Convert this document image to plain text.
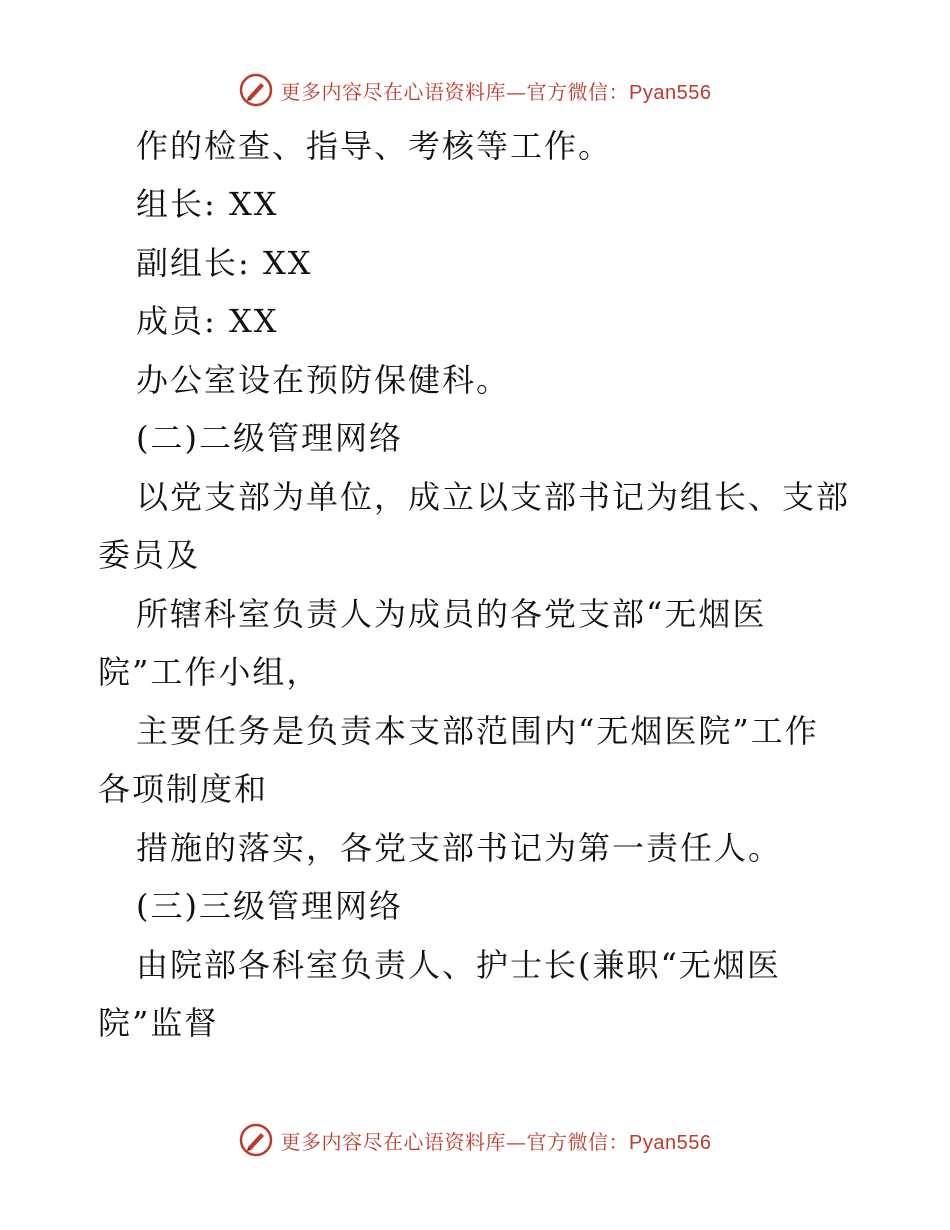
更多内容尽在心语资料库—官方微信：Pyan556
作的检查、指导、考核等工作。
组长: XX
副组长: XX
成员: XX
办公室设在预防保健科。
(二)二级管理网络
以党支部为单位，成立以支部书记为组长、支部
委员及
所辖科室负责人为成员的各党支部“无烟医
院”工作小组，
主要任务是负责本支部范围内“无烟医院”工作
各项制度和
措施的落实，各党支部书记为第一责任人。
(三)三级管理网络
由院部各科室负责人、护士长(兼职“无烟医
院”监督
更多内容尽在心语资料库—官方微信：Pyan556
